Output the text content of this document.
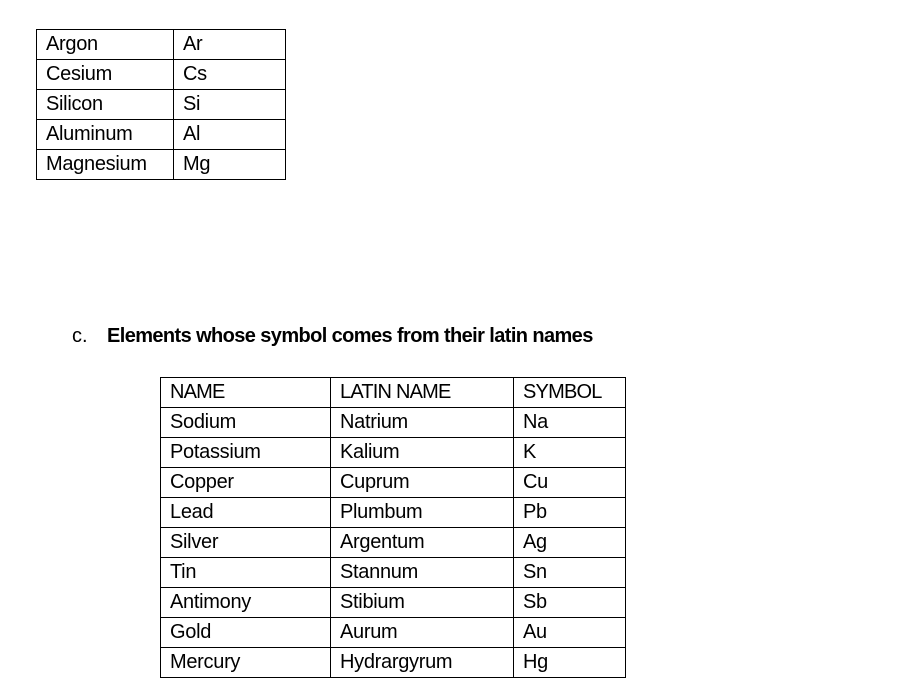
Argon	Ar
Cesium	Cs
Silicon	Si
Aluminum	Al
Magnesium	Mg
c. Elements whose symbol comes from their latin names
NAME	LATIN NAME	SYMBOL
Sodium	Natrium	Na
Potassium	Kalium	K
Copper	Cuprum	Cu
Lead	Plumbum	Pb
Silver	Argentum	Ag
Tin	Stannum	Sn
Antimony	Stibium	Sb
Gold	Aurum	Au
Mercury	Hydrargyrum	Hg
